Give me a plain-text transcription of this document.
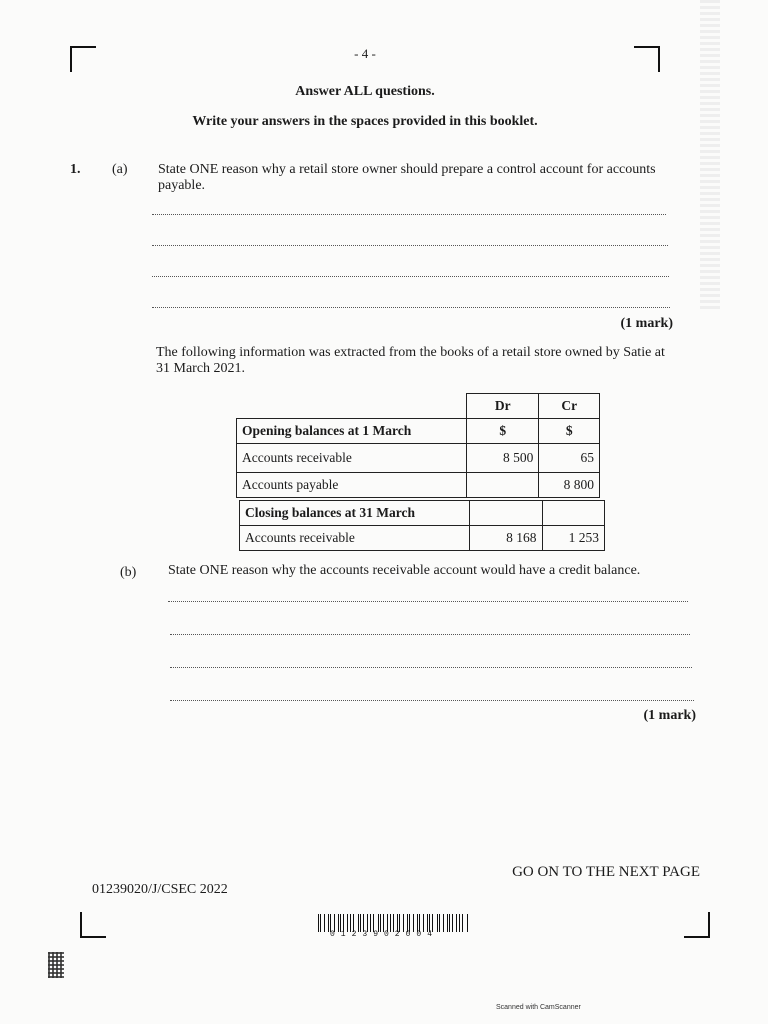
- 4 -
Answer ALL questions.
Write your answers in the spaces provided in this booklet.
1. (a) State ONE reason why a retail store owner should prepare a control account for accounts payable.
(1 mark)
The following information was extracted from the books of a retail store owned by Satie at 31 March 2021.
	Dr	Cr
Opening balances at 1 March	$	$
Accounts receivable	8 500	65
Accounts payable		8 800
Closing balances at 31 March		
Accounts receivable	8 168	1 253
(b) State ONE reason why the accounts receivable account would have a credit balance.
(1 mark)
GO ON TO THE NEXT PAGE
01239020/J/CSEC 2022
0123902004
Scanned with CamScanner
